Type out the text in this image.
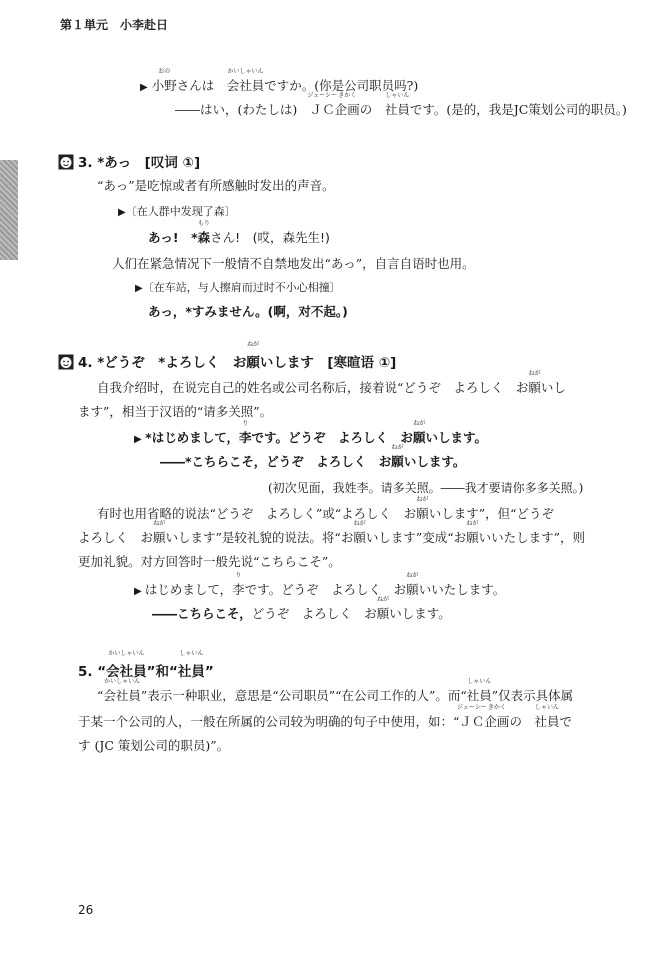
第１単元　小李赴日
▶
おの
小野さんは　
かいしゃいん
会社員ですか。(你是公司职员吗?)
――はい，(わたしは)　
ジェーシー
ＪＣ
きかく
企画の　
しゃいん
社員です。(是的，我是JC策划公司的职员。)
3. *あっ　[叹词 ①]
“あっ”是吃惊或者有所感触时发出的声音。
▶〔在人群中发现了森〕
あっ!　*
もり
森さん!　(哎，森先生!)
人们在紧急情况下一般情不自禁地发出“あっ”，自言自语时也用。
▶〔在车站，与人擦肩而过时不小心相撞〕
あっ，*すみません。(啊，对不起。)
4. *どうぞ　*よろしく　お
ねが
願いします　[寒暄语 ①]
自我介绍时，在说完自己的姓名或公司名称后，接着说“どうぞ　よろしく　お
ねが
願いし
ます”，相当于汉语的“请多关照”。
▶ *はじめまして，
り
李です。どうぞ　よろしく　お
ねが
願いします。
――*こちらこそ，どうぞ　よろしく　お
ねが
願いします。
(初次见面，我姓李。请多关照。――我才要请你多多关照。)
有时也用省略的说法“どうぞ　よろしく”或“よろしく　お
ねが
願いします”，但“どうぞ
よろしく　お
ねが
願いします”是较礼貌的说法。将“お
ねが
願いします”变成“お
ねが
願いいたします”，则
更加礼貌。对方回答时一般先说“こちらこそ”。
▶ はじめまして，
り
李です。どうぞ　よろしく　お
ねが
願いいたします。
――こちらこそ，どうぞ　よろしく　お
ねが
願いします。
5. “
かいしゃいん
会社員”和“
しゃいん
社員”
“
かいしゃいん
会社員”表示一种职业，意思是“公司职员”“在公司工作的人”。而“
しゃいん
社員”仅表示具体属
于某一个公司的人，一般在所属的公司较为明确的句子中使用，如：“
ジェーシー
ＪＣ
きかく
企画の　
しゃいん
社員で
す (JC 策划公司的职员)”。
26
